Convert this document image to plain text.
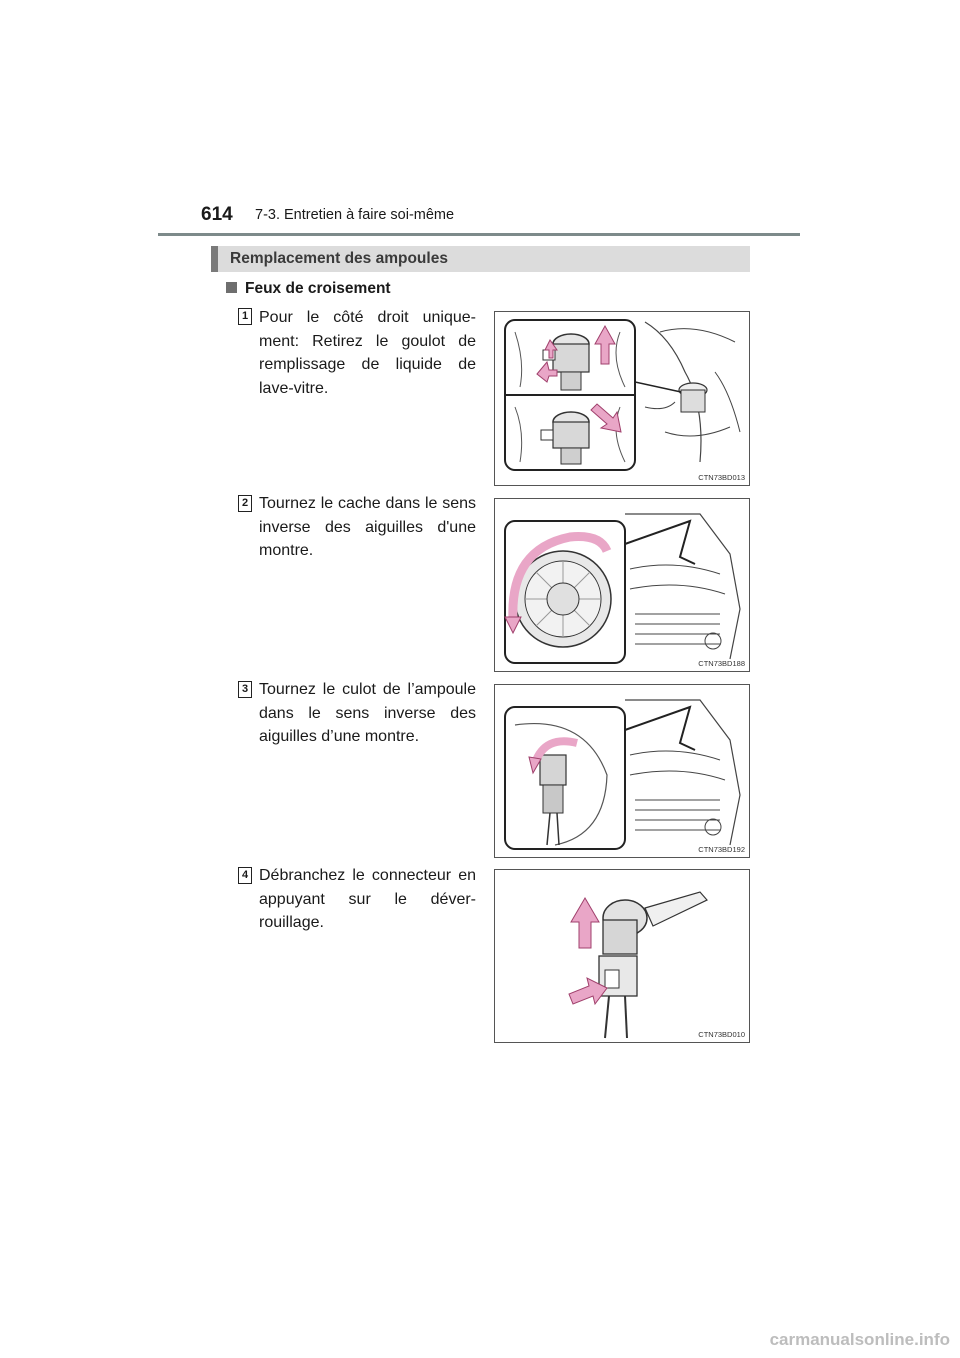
614 7-3. Entretien à faire soi-même
Remplacement des ampoules
Feux de croisement
1 Pour le côté droit unique-ment: Retirez le goulot de remplissage de liquide de lave-vitre.
CTN73BD013
2 Tournez le cache dans le sens inverse des aiguilles d'une montre.
CTN73BD188
3 Tournez le culot de l’ampoule dans le sens inverse des aiguilles d’une montre.
CTN73BD192
4 Débranchez le connecteur en appuyant sur le déver-rouillage.
CTN73BD010
carmanualsonline.info
